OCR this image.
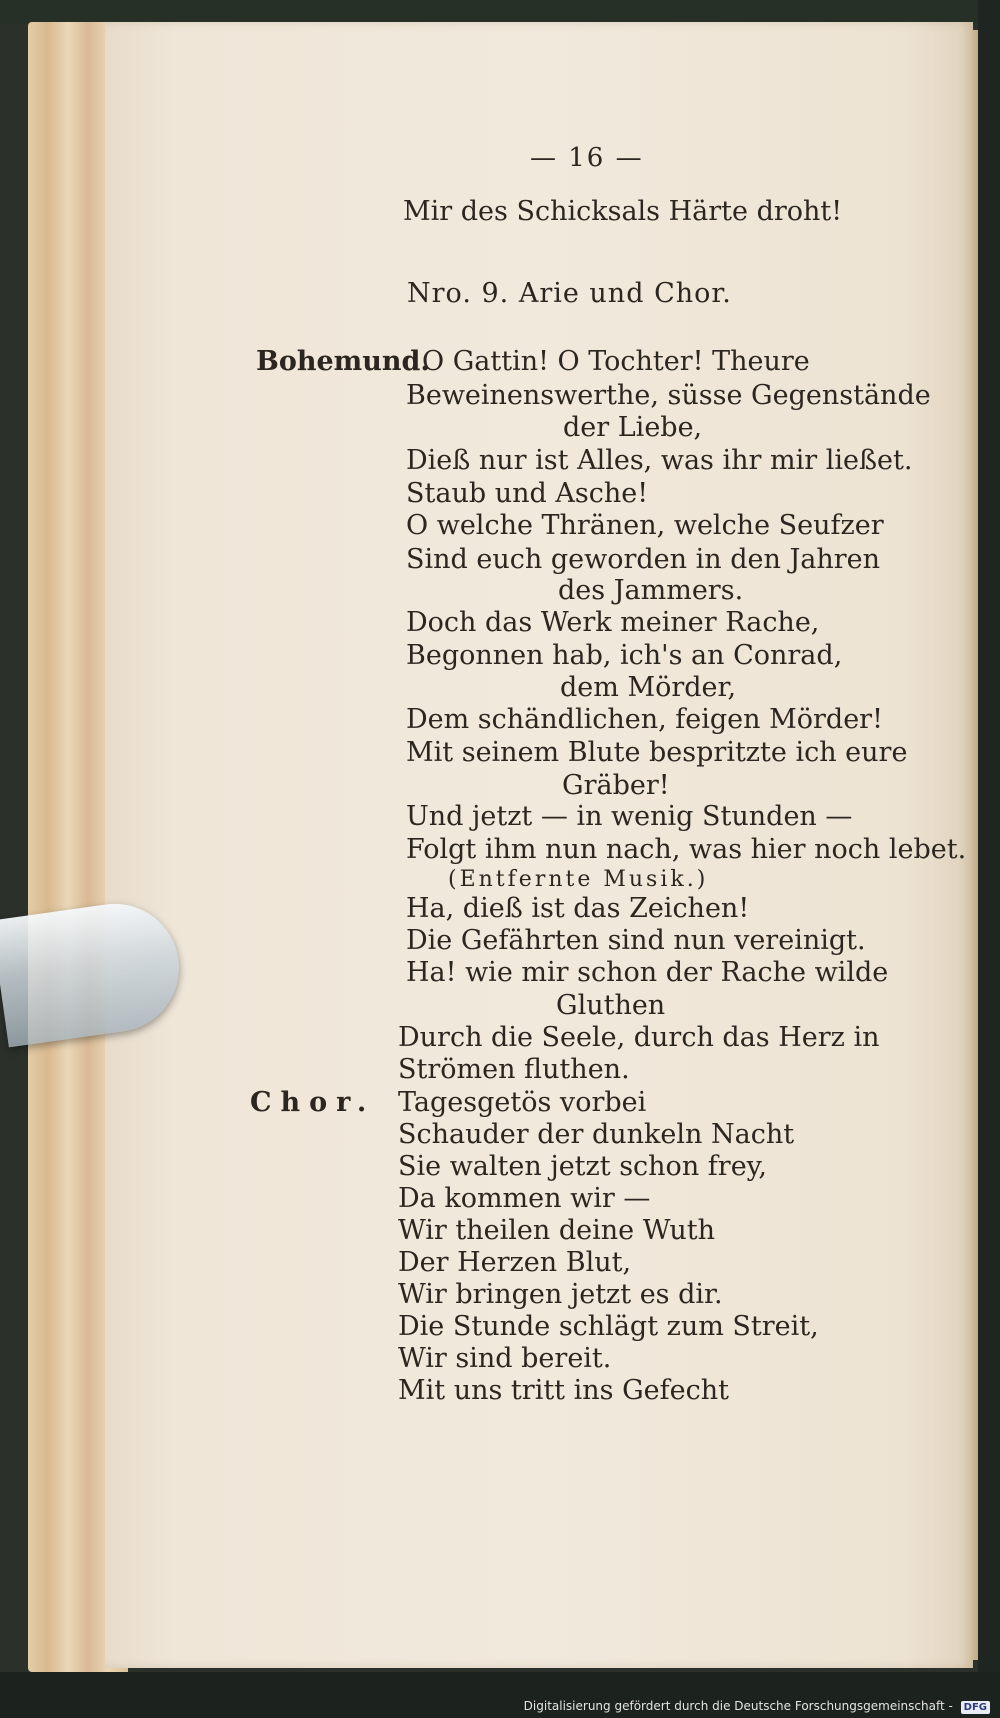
— 16 —
Mir des Schicksals Härte droht!
Nro. 9. Arie und Chor.
Bohemund.
O Gattin! O Tochter! Theure
Beweinenswerthe, süsse Gegenstände
der Liebe,
Dieß nur ist Alles, was ihr mir ließet.
Staub und Asche!
O welche Thränen, welche Seufzer
Sind euch geworden in den Jahren
des Jammers.
Doch das Werk meiner Rache,
Begonnen hab, ich's an Conrad,
dem Mörder,
Dem schändlichen, feigen Mörder!
Mit seinem Blute bespritzte ich eure
Gräber!
Und jetzt — in wenig Stunden —
Folgt ihm nun nach, was hier noch lebet.
(Entfernte Musik.)
Ha, dieß ist das Zeichen!
Die Gefährten sind nun vereinigt.
Ha! wie mir schon der Rache wilde
Gluthen
Durch die Seele, durch das Herz in
Strömen fluthen.
Chor. Tagesgetös vorbei
Schauder der dunkeln Nacht
Sie walten jetzt schon frey,
Da kommen wir —
Wir theilen deine Wuth
Der Herzen Blut,
Wir bringen jetzt es dir.
Die Stunde schlägt zum Streit,
Wir sind bereit.
Mit uns tritt ins Gefecht
Digitalisierung gefördert durch die Deutsche Forschungsgemeinschaft - DFG
